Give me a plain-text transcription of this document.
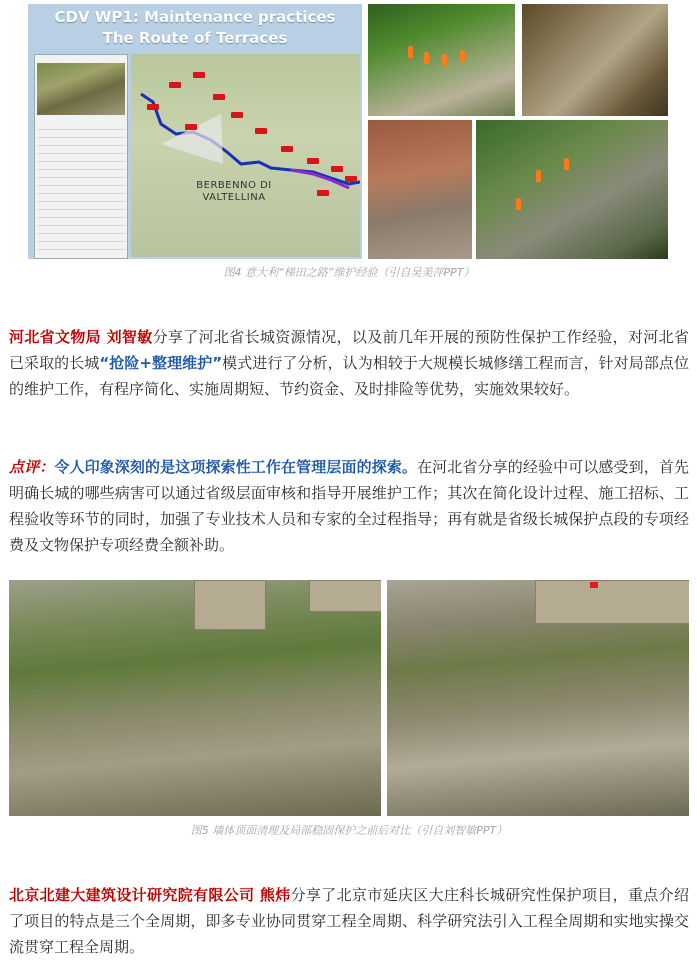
CDV WP1: Maintenance practices
The Route of Terraces
BERBENNO DI
VALTELLINA
图4 意大利“梯田之路”维护经验（引自吴美萍PPT）
河北省文物局 刘智敏分享了河北省长城资源情况，以及前几年开展的预防性保护工作经验，对河北省已采取的长城“抢险+整理维护”模式进行了分析，认为相较于大规模长城修缮工程而言，针对局部点位的维护工作，有程序简化、实施周期短、节约资金、及时排险等优势，实施效果较好。
点评：令人印象深刻的是这项探索性工作在管理层面的探索。在河北省分享的经验中可以感受到，首先明确长城的哪些病害可以通过省级层面审核和指导开展维护工作；其次在简化设计过程、施工招标、工程验收等环节的同时，加强了专业技术人员和专家的全过程指导；再有就是省级长城保护点段的专项经费及文物保护专项经费全额补助。
图5 墙体顶面清理及局部稳固保护之前后对比（引自刘智敏PPT）
北京北建大建筑设计研究院有限公司 熊炜分享了北京市延庆区大庄科长城研究性保护项目，重点介绍了项目的特点是三个全周期，即多专业协同贯穿工程全周期、科学研究法引入工程全周期和实地实操交流贯穿工程全周期。
